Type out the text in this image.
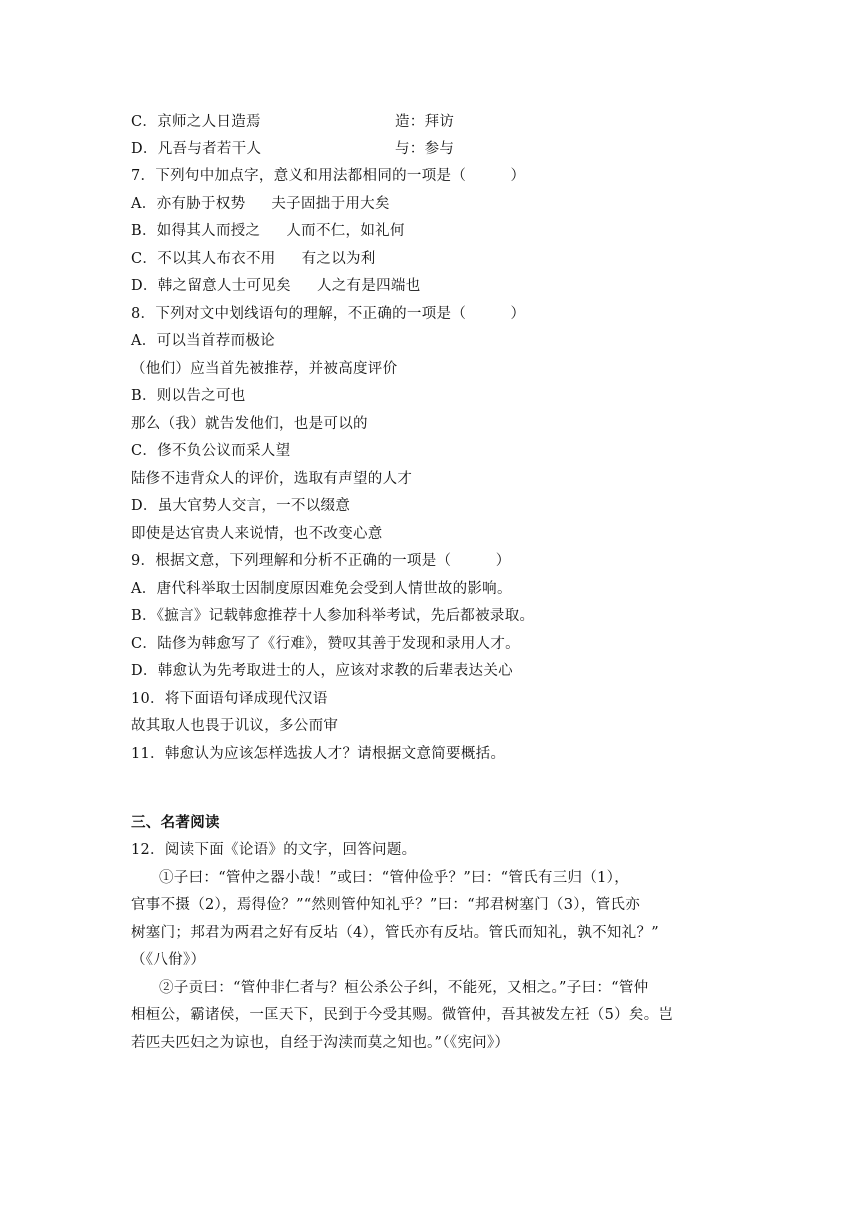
C．京师之人日造焉	造：拜访
D．凡吾与者若干人	与：参与
7．下列句中加点字，意义和用法都相同的一项是（　　　）
A．亦有胁于权势 夫子固拙于用大矣
B．如得其人而授之 人而不仁，如礼何
C．不以其人布衣不用 有之以为利
D．韩之留意人士可见矣 人之有是四端也
8．下列对文中划线语句的理解，不正确的一项是（　　　）
A．可以当首荐而极论
（他们）应当首先被推荐，并被高度评价
B．则以告之可也
那么（我）就告发他们，也是可以的
C．俢不负公议而采人望
陆俢不违背众人的评价，选取有声望的人才
D．虽大官势人交言，一不以缀意
即使是达官贵人来说情，也不改变心意
9．根据文意，下列理解和分析不正确的一项是（　　　）
A．唐代科举取士因制度原因难免会受到人情世故的影响。
B．《摭言》记载韩愈推荐十人参加科举考试，先后都被录取。
C．陆俢为韩愈写了《行难》，赞叹其善于发现和录用人才。
D．韩愈认为先考取进士的人，应该对求教的后辈表达关心
10．将下面语句译成现代汉语
故其取人也畏于讥议，多公而审
11．韩愈认为应该怎样选拔人才？请根据文意简要概括。
三、名著阅读
12．阅读下面《论语》的文字，回答问题。
①子曰：“管仲之器小哉！”或曰：“管仲俭乎？”曰：“管氏有三归（1），
官事不摄（2），焉得俭？”“然则管仲知礼乎？”曰：“邦君树塞门（3），管氏亦
树塞门；邦君为两君之好有反坫（4），管氏亦有反坫。管氏而知礼，孰不知礼？”
（《八佾》）
②子贡曰：“管仲非仁者与？桓公杀公子纠，不能死，又相之。”子曰：“管仲
相桓公，霸诸侯，一匡天下，民到于今受其赐。微管仲，吾其被发左衽（5）矣。岂
若匹夫匹妇之为谅也，自经于沟渎而莫之知也。”（《宪问》）
